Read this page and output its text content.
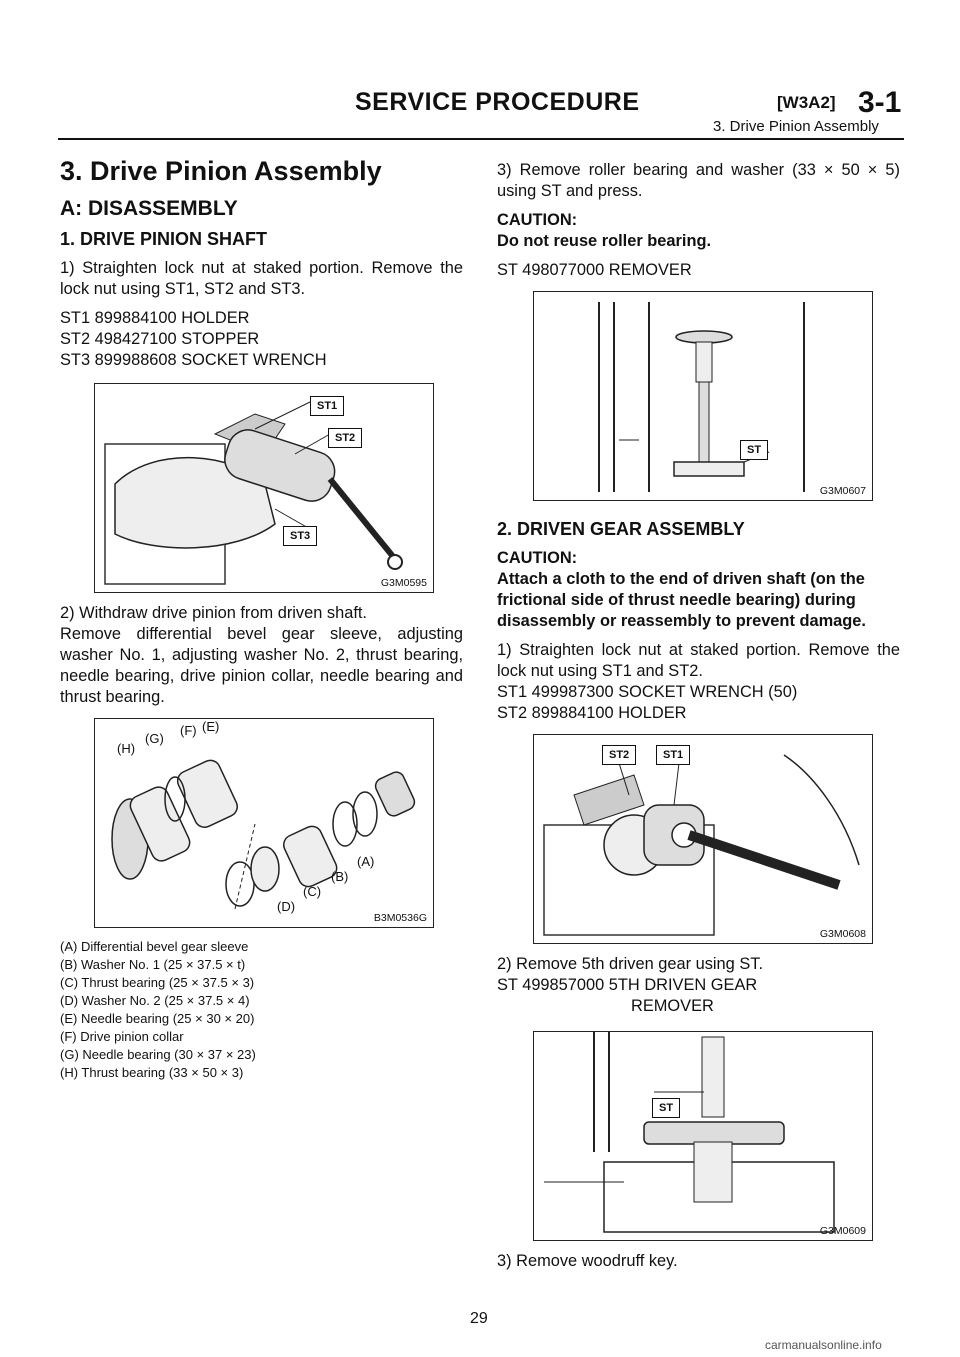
SERVICE PROCEDURE	[W3A2] 3-1
3. Drive Pinion Assembly
3. Drive Pinion Assembly
A: DISASSEMBLY
1. DRIVE PINION SHAFT

1) Straighten lock nut at staked portion. Remove the lock nut using ST1, ST2 and ST3.

ST1 899884100 HOLDER
ST2 498427100 STOPPER
ST3 899988608 SOCKET WRENCH
ST1
ST2
ST3
G3M0595

2) Withdraw drive pinion from driven shaft.

Remove differential bevel gear sleeve, adjusting washer No. 1, adjusting washer No. 2, thrust bearing, needle bearing, drive pinion collar, needle bearing and thrust bearing.

(H)
(G)
(F) (E)
(D)
(C)
(B)
(A)
B3M0536G
(A) Differential bevel gear sleeve
(B) Washer No. 1 (25 × 37.5 × t)
(C) Thrust bearing (25 × 37.5 × 3)
(D) Washer No. 2 (25 × 37.5 × 4)
(E) Needle bearing (25 × 30 × 20)
(F) Drive pinion collar
(G) Needle bearing (30 × 37 × 23)
(H) Thrust bearing (33 × 50 × 3)

3) Remove roller bearing and washer (33 × 50 × 5) using ST and press.

CAUTION:
Do not reuse roller bearing.
ST 498077000 REMOVER
ST
G3M0607
2. DRIVEN GEAR ASSEMBLY
CAUTION:
Attach a cloth to the end of driven shaft (on the frictional side of thrust needle bearing) during disassembly or reassembly to prevent damage.

1) Straighten lock nut at staked portion. Remove the lock nut using ST1 and ST2.

ST1 499987300 SOCKET WRENCH (50)
ST2 899884100 HOLDER
ST2	ST1
G3M0608

2) Remove 5th driven gear using ST.

ST 499857000 5TH DRIVEN GEAR
REMOVER
ST
G3M0609

3) Remove woodruff key.

29
carmanualsonline.info
